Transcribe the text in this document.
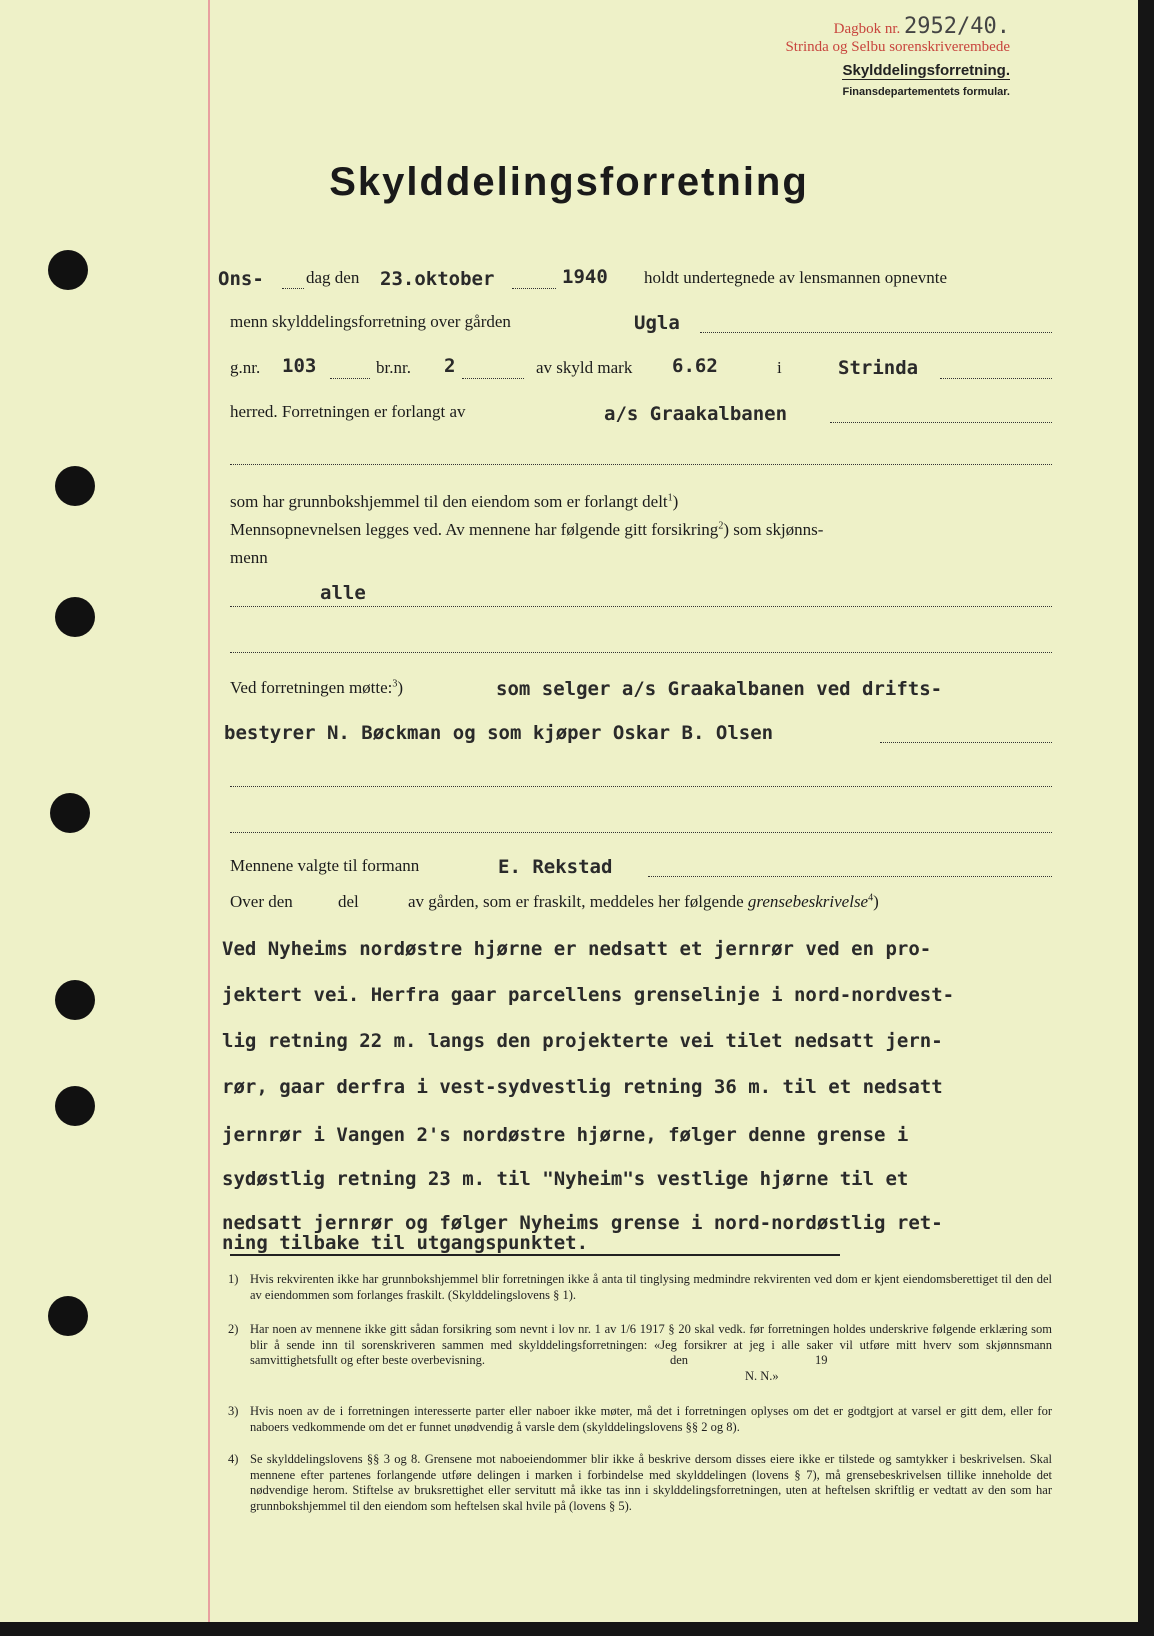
Dagbok nr. 2952/40.
Strinda og Selbu sorenskriverembede
Skylddelingsforretning.
Finansdepartementets formular.
Skylddelingsforretning
Ons- dag den 23.oktober	1940 holdt undertegnede av lensmannen opnevnte
menn skylddelingsforretning over gården	Ugla
g.nr. 103	br.nr. 2	av skyld mark 6.62	i	Strinda
herred. Forretningen er forlangt av	a/s Graakalbanen
som har grunnbokshjemmel til den eiendom som er forlangt delt$^1$)
Mennsopnevnelsen legges ved. Av mennene har følgende gitt forsikring$^2$) som skjønns-
menn
alle
Ved forretningen møtte:$^3$)	som selger a/s Graakalbanen ved drifts-
bestyrer N. Bøckman og som kjøper Oskar B. Olsen
Mennene valgte til formann	E. Rekstad
Over den	del	av gården, som er fraskilt, meddeles her følgende grensebeskrivelse$^4$)
Ved Nyheims nordøstre hjørne er nedsatt et jernrør ved en pro-
jektert vei. Herfra gaar parcellens grenselinje i nord-nordvest-
lig retning 22 m. langs den projekterte vei tilet nedsatt jern-
rør, gaar derfra i vest-sydvestlig retning 36 m. til et nedsatt
jernrør i Vangen 2's nordøstre hjørne, følger denne grense i
sydøstlig retning 23 m. til "Nyheim"s vestlige hjørne til et
nedsatt jernrør og følger Nyheims grense i nord-nordøstlig ret-
ning tilbake til utgangspunktet.
1) Hvis rekvirenten ikke har grunnbokshjemmel blir forretningen ikke å anta til tinglysing medmindre rekvirenten ved dom er kjent eiendomsberettiget til den del av eiendommen som forlanges fraskilt. (Skylddelingslovens § 1).
2) Har noen av mennene ikke gitt sådan forsikring som nevnt i lov nr. 1 av 1/6 1917 § 20 skal vedk. før forretningen holdes underskrive følgende erklæring som blir å sende inn til sorenskriveren sammen med skylddelingsforretningen: «Jeg forsikrer at jeg i alle saker vil utføre mitt hverv som skjønnsmann samvittighetsfullt og efter beste overbevisning.	den	19
N. N.»
3) Hvis noen av de i forretningen interesserte parter eller naboer ikke møter, må det i forretningen oplyses om det er godtgjort at varsel er gitt dem, eller for naboers vedkommende om det er funnet unødvendig å varsle dem (skylddelingslovens §§ 2 og 8).
4) Se skylddelingslovens §§ 3 og 8. Grensene mot naboeiendommer blir ikke å beskrive dersom disses eiere ikke er tilstede og samtykker i beskrivelsen. Skal mennene efter partenes forlangende utføre delingen i marken i forbindelse med skylddelingen (lovens § 7), må grensebeskrivelsen tillike inneholde det nødvendige herom. Stiftelse av bruksrettighet eller servitutt må ikke tas inn i skylddelingsforretningen, uten at heftelsen skriftlig er vedtatt av den som har grunnbokshjemmel til den eiendom som heftelsen skal hvile på (lovens § 5).
